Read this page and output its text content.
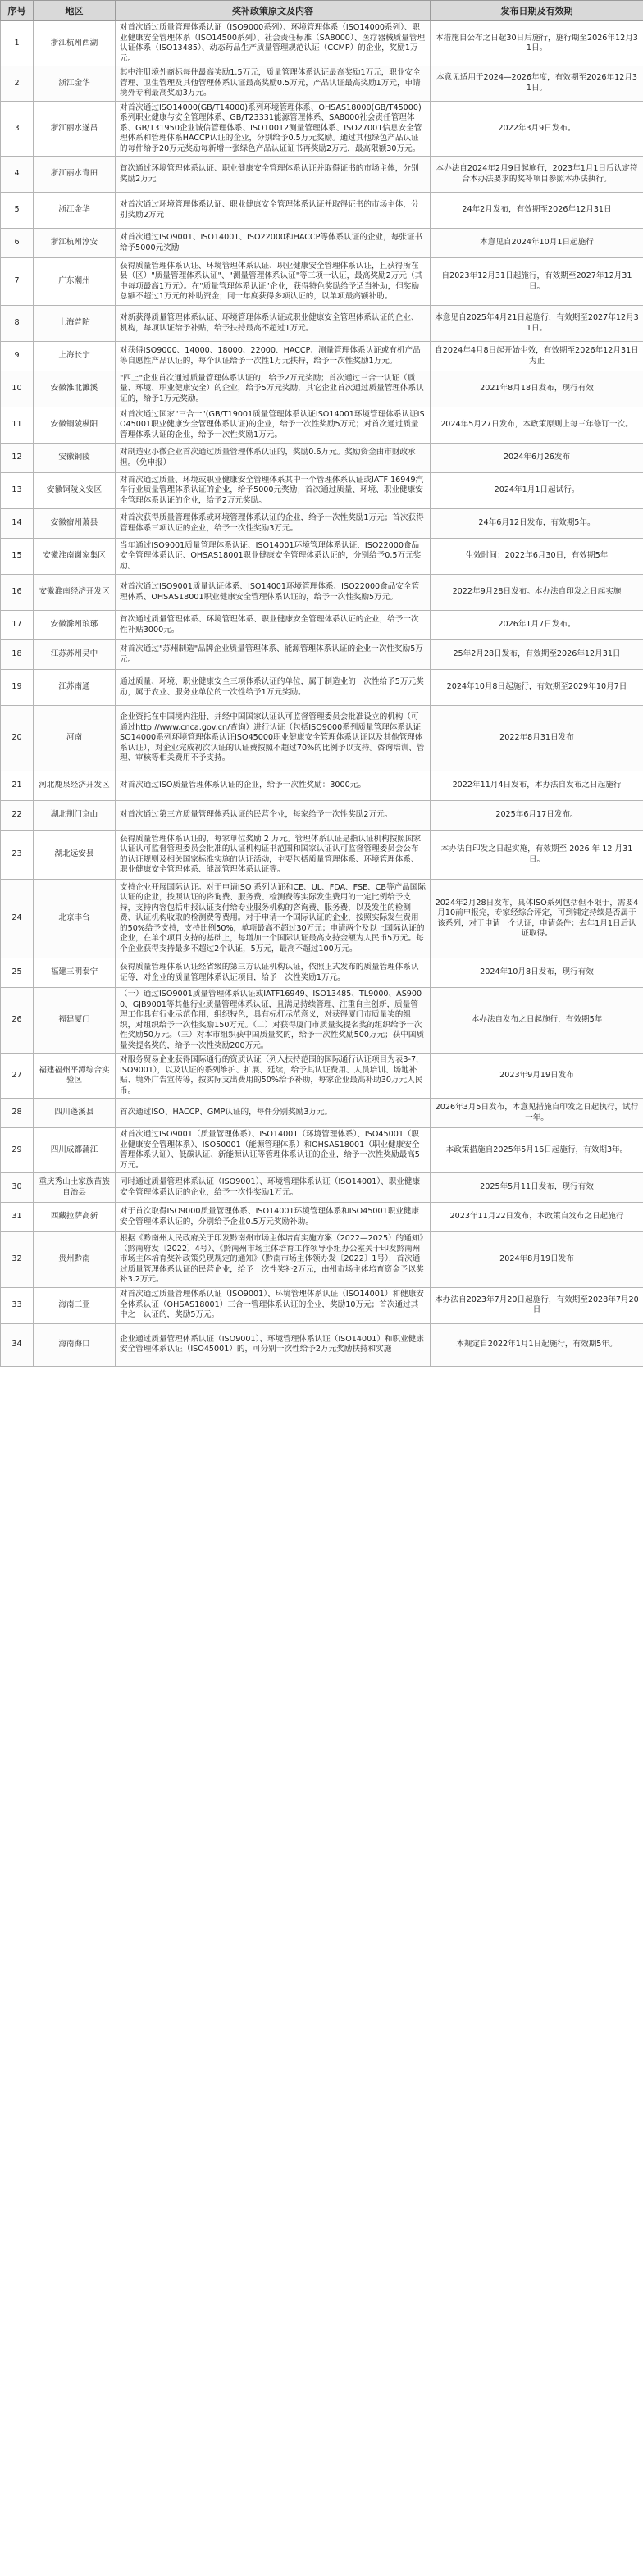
序号	地区	奖补政策原文及内容	发布日期及有效期
1	浙江杭州西湖	对首次通过质量管理体系认证（ISO9000系列）、环境管理体系（ISO14000系列）、职业健康安全管理体系（ISO14500系列）、社会责任标准（SA8000）、医疗器械质量管理认证体系（ISO13485）、动态药品生产质量管理规范认证（CCMP）的企业，奖励1万元。	本措施自公布之日起30日后施行，施行期至2026年12月31日。
2	浙江金华	其中注册境外商标每件最高奖励1.5万元，质量管理体系认证最高奖励1万元，职业安全管理、卫生管理及其他管理体系认证最高奖励0.5万元，产品认证最高奖励1万元，申请境外专利最高奖励3万元。	本意见适用于2024—2026年度，有效期至2026年12月31日。
3	浙江丽水遂昌	对首次通过ISO14000(GB/T14000)系列环境管理体系、OHSAS18000(GB/T45000)系列职业健康与安全管理体系、GB/T23331能源管理体系、SA8000社会责任管理体系、GB/T31950企业诚信管理体系、ISO10012测量管理体系、ISO27001信息安全管理体系和管理体系HACCP认证的企业，分别给予0.5万元奖励。通过其他绿色产品认证的每件给予20万元奖励每新增一张绿色产品认证证书再奖励2万元，最高限额30万元。	2022年3月9日发布。
4	浙江丽水青田	首次通过环境管理体系认证、职业健康安全管理体系认证并取得证书的市场主体，分别奖励2万元	本办法自2024年2月9日起施行，2023年1月1日后认定符合本办法要求的奖补项目参照本办法执行。
5	浙江金华	对首次通过环境管理体系认证、职业健康安全管理体系认证并取得证书的市场主体，分别奖励2万元	24年2月发布，有效期至2026年12月31日
6	浙江杭州淳安	对首次通过ISO9001、ISO14001、ISO22000和HACCP等体系认证的企业，每张证书给予5000元奖励	本意见自2024年10月1日起施行
7	广东潮州	获得质量管理体系认证、环境管理体系认证、职业健康安全管理体系认证，且获得所在县（区）"质量管理体系认证"、"测量管理体系认证"等三项一认证，最高奖励2万元（其中每项最高1万元）。在"质量管理体系认证"企业，获得特色奖励给予适当补助，但奖励总额不超过1万元的补助资金；同一年度获得多项认证的，以单项最高额补助。	自2023年12月31日起施行，有效期至2027年12月31日。
8	上海普陀	对新获得质量管理体系认证、环境管理体系认证或职业健康安全管理体系认证的企业、机构，每项认证给予补贴，给予扶持最高不超过1万元。	本意见自2025年4月21日起施行，有效期至2027年12月31日。
9	上海长宁	对获得ISO9000、14000、18000、22000、HACCP、测量管理体系认证或有机产品等自愿性产品认证的，每个认证给予一次性1万元扶持，给予一次性奖励1万元。	自2024年4月8日起开始生效，有效期至2026年12月31日为止
10	安徽淮北濉溪	"四上"企业首次通过质量管理体系认证的，给予2万元奖励；首次通过三合一认证（质量、环境、职业健康安全）的企业，给予5万元奖励，其它企业首次通过质量管理体系认证的，给予1万元奖励。	2021年8月18日发布，现行有效
11	安徽铜陵枞阳	对首次通过国家"三合一"(GB/T19001质量管理体系认证ISO14001环境管理体系认证ISO45001职业健康安全管理体系认证)的企业，给予一次性奖励5万元；对首次通过质量管理体系认证的企业，给予一次性奖励1万元。	2024年5月27日发布，本政策原则上每三年修订一次。
12	安徽铜陵	对制造业小微企业首次通过质量管理体系认证的，奖励0.6万元。奖励资金由市财政承担。（免申报）	2024年6月26发布
13	安徽铜陵义安区	对首次通过质量、环境或职业健康安全管理体系其中一个管理体系认证或IATF 16949汽车行业质量管理体系认证的企业，给予5000元奖励；首次通过质量、环境、职业健康安全管理体系认证的企业，给予2万元奖励。	2024年1月1日起试行。
14	安徽宿州萧县	对首次获得质量管理体系或环境管理体系认证的企业，给予一次性奖励1万元；首次获得管理体系三项认证的企业，给予一次性奖励3万元。	24年6月12日发布，有效期5年。
15	安徽淮南谢家集区	当年通过ISO9001质量管理体系认证、ISO14001环境管理体系认证、ISO22000食品安全管理体系认证、OHSAS18001职业健康安全管理体系认证的，分别给予0.5万元奖励。	生效时间：2022年6月30日，有效期5年
16	安徽淮南经济开发区	对首次通过ISO9001质量认证体系、ISO14001环境管理体系、ISO22000食品安全管理体系、OHSAS18001职业健康安全管理体系认证的，给予一次性奖励5万元。	2022年9月28日发布。本办法自印发之日起实施
17	安徽滁州琅琊	首次通过质量管理体系、环境管理体系、职业健康安全管理体系认证的企业，给予一次性补贴3000元。	2026年1月7日发布。
18	江苏苏州吴中	对首次通过"苏州制造"品牌企业质量管理体系、能源管理体系认证的企业一次性奖励5万元。	25年2月28日发布，有效期至2026年12月31日
19	江苏南通	通过质量、环境、职业健康安全三项体系认证的单位，属于制造业的一次性给予5万元奖励，属于农业、服务业单位的一次性给予1万元奖励。	2024年10月8日起施行，有效期至2029年10月7日
20	河南	企业资托在中国境内注册、并经中国国家认证认可监督管理委员会批准设立的机构（可通过http://www.cnca.gov.cn/查询）进行认证（包括ISO9000系列质量管理体系认证ISO14000系列环境管理体系认证ISO45000职业健康安全管理体系认证以及其他管理体系认证），对企业完成初次认证的认证费按照不超过70%的比例予以支持。咨询培训、管理、审核等相关费用不予支持。	2022年8月31日发布
21	河北鹿泉经济开发区	对首次通过ISO质量管理体系认证的企业，给予一次性奖励：3000元。	2022年11月4日发布，本办法自发布之日起施行
22	湖北荆门京山	对首次通过第三方质量管理体系认证的民营企业，每家给予一次性奖励2万元。	2025年6月17日发布。
23	湖北远安县	获得质量管理体系认证的，每家单位奖励 2 万元。管理体系认证是指认证机构按照国家认证认可监督管理委员会批准的认证机构证书范围和国家认证认可监督管理委员会公布的认证规则及相关国家标准实施的认证活动，主要包括质量管理体系、环境管理体系、职业健康安全管理体系、能源管理体系认证等。	本办法自印发之日起实施，有效期至 2026 年 12 月31日。
24	北京丰台	支持企业开展国际认证。对于申请ISO 系列认证和CE、UL、FDA、FSE、CB等产品国际认证的企业，按照认证的咨询费、服务费、检测费等实际发生费用的一定比例给予支持，支持内容包括申报认证支付给专业服务机构的咨询费、服务费，以及发生的检测费、认证机构收取的检测费等费用。对于申请一个国际认证的企业，按照实际发生费用的50%给予支持，支持比例50%，单项最高不超过30万元；申请两个及以上国际认证的企业，在单个项目支持的基础上，每增加一个国际认证最高支持金额为人民币5万元。每个企业获得支持最多不超过2个认证，5万元，最高不超过100万元。	2024年2月28日发布，具体ISO系列包括但不限于，需要4月10前申报完，专家经综合评定，可到铺定持续是否属于该系列，对于申请一个认证，申请条件：去年1月1日后认证取得。
25	福建三明泰宁	获得质量管理体系认证经省级的第三方认证机构认证，依照正式发布的质量管理体系认证等，对企业的质量管理体系认证项目，给予一次性奖励1万元。	2024年10月8日发布，现行有效
26	福建厦门	（一）通过ISO9001质量管理体系认证或IATF16949、ISO13485、TL9000、AS9000、GJB9001等其他行业质量管理体系认证，且满足持续管理、注重自主创新，质量管理工作具有行业示范作用，组织特色，具有标杆示范意义，对获得厦门市质量奖的组织，对组织给予一次性奖励150万元。（二）对获得厦门市质量奖提名奖的组织给予一次性奖励50万元。（三）对本市组织获中国质量奖的，给予一次性奖励500万元；获中国质量奖提名奖的，给予一次性奖励200万元。	本办法自发布之日起施行，有效期5年
27	福建福州平潭综合实验区	对服务贸易企业获得国际通行的资质认证（列入扶持范围的国际通行认证项目为表3-7，ISO9001），以及认证的系列维护、扩展、延续，给予其认证费用、人员培训、场地补贴、境外广告宣传等，按实际支出费用的50%给予补助，每家企业最高补助30万元人民币。	2023年9月19日发布
28	四川蓬溪县	首次通过ISO、HACCP、GMP认证的，每件分别奖励3万元。	2026年3月5日发布，本意见措施自印发之日起执行，试行一年。
29	四川成都蒲江	对首次通过ISO9001（质量管理体系）、ISO14001（环境管理体系）、ISO45001（职业健康安全管理体系）、ISO50001（能源管理体系）和OHSAS18001（职业健康安全管理体系认证）、低碳认证、新能源认证等管理体系认证的企业，给予一次性奖励最高5万元。	本政策措施自2025年5月16日起施行，有效期3年。
30	重庆秀山土家族苗族自治县	同时通过质量管理体系认证（ISO9001）、环境管理体系认证（ISO14001）、职业健康安全管理体系认证的企业，给予一次性奖励1万元。	2025年5月11日发布，现行有效
31	西藏拉萨高新	对于首次取得ISO9000质量管理体系、ISO14001环境管理体系和ISO45001职业健康安全管理体系认证的，分别给予企业0.5万元奖励补助。	2023年11月22日发布，本政策自发布之日起施行
32	贵州黔南	根据《黔南州人民政府关于印发黔南州市场主体培育实施方案（2022—2025）的通知》（黔南府发〔2022〕4号）、《黔南州市场主体培育工作领导小组办公室关于印发黔南州市场主体培育奖补政策兑现规定的通知》（黔南市场主体领办发〔2022〕1号），首次通过质量管理体系认证的民营企业，给予一次性奖补2万元，由州市场主体培育资金予以奖补3.2万元。	2024年8月19日发布
33	海南三亚	对首次通过质量管理体系认证（ISO9001）、环境管理体系认证（ISO14001）和健康安全体系认证（OHSAS18001）三合一管理体系认证的企业，奖励10万元；首次通过其中之一认证的，奖励5万元。	本办法自2023年7月20日起施行，有效期至2028年7月20日
34	海南海口	企业通过质量管理体系认证（ISO9001）、环境管理体系认证（ISO14001）和职业健康安全管理体系认证（ISO45001）的，可分别一次性给予2万元奖励扶持和实施	本规定自2022年1月1日起施行，有效期5年。
